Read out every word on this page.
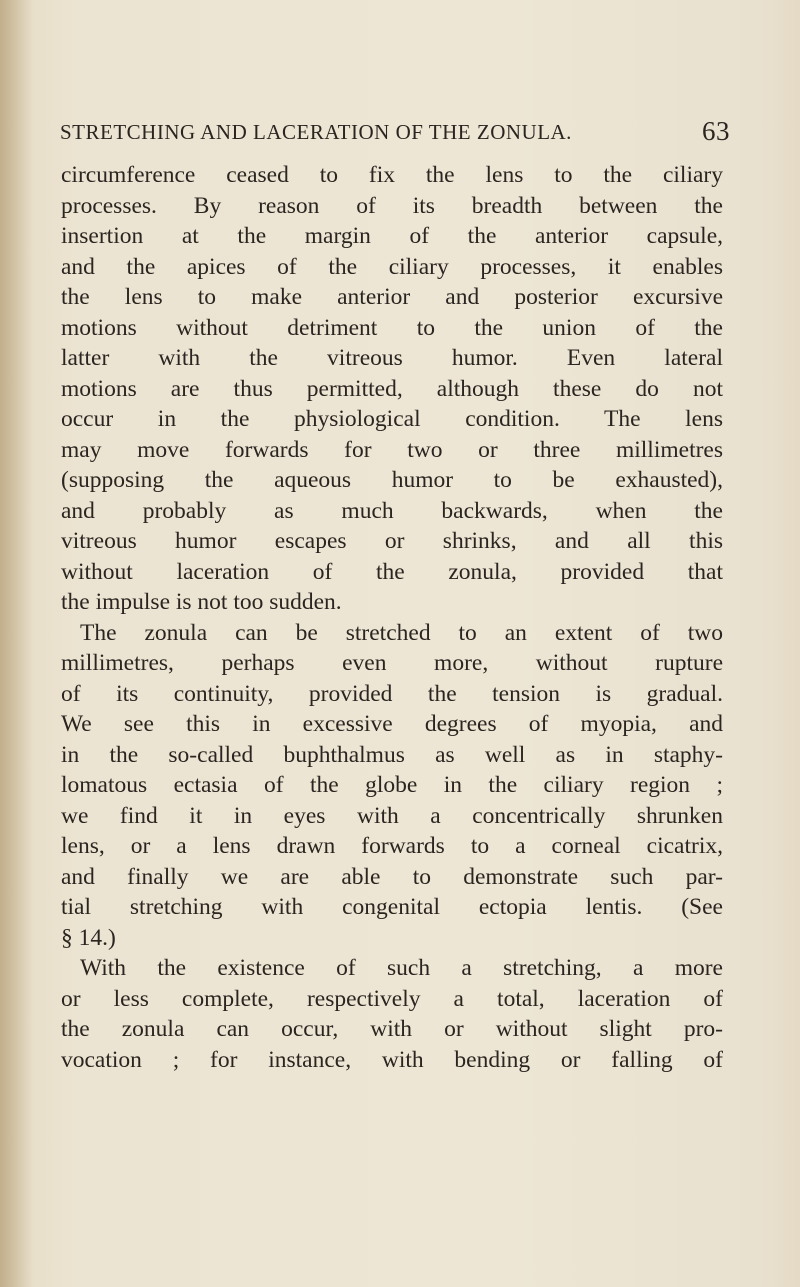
STRETCHING AND LACERATION OF THE ZONULA.	63
circumference ceased to fix the lens to the ciliary
processes. By reason of its breadth between the
insertion at the margin of the anterior capsule,
and the apices of the ciliary processes, it enables
the lens to make anterior and posterior excursive
motions without detriment to the union of the
latter with the vitreous humor. Even lateral
motions are thus permitted, although these do not
occur in the physiological condition. The lens
may move forwards for two or three millimetres
(supposing the aqueous humor to be exhausted),
and probably as much backwards, when the
vitreous humor escapes or shrinks, and all this
without laceration of the zonula, provided that
the impulse is not too sudden.
The zonula can be stretched to an extent of two
millimetres, perhaps even more, without rupture
of its continuity, provided the tension is gradual.
We see this in excessive degrees of myopia, and
in the so-called buphthalmus as well as in staphy-
lomatous ectasia of the globe in the ciliary region ;
we find it in eyes with a concentrically shrunken
lens, or a lens drawn forwards to a corneal cicatrix,
and finally we are able to demonstrate such par-
tial stretching with congenital ectopia lentis. (See
§ 14.)
With the existence of such a stretching, a more
or less complete, respectively a total, laceration of
the zonula can occur, with or without slight pro-
vocation ; for instance, with bending or falling of
